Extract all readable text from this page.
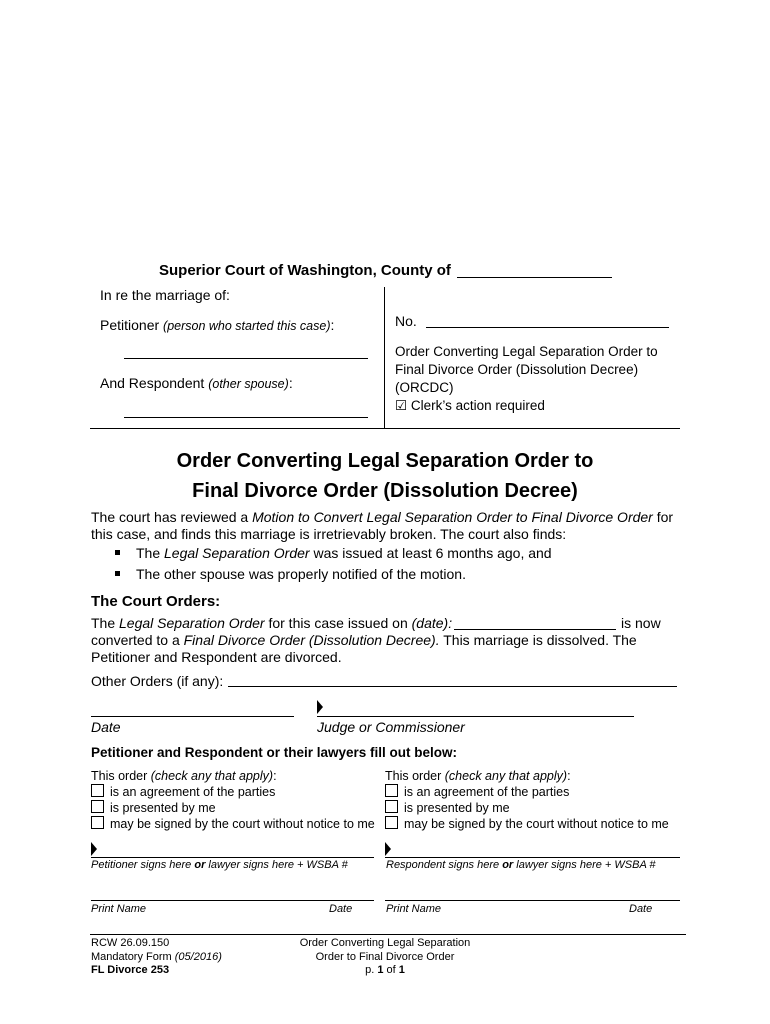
Superior Court of Washington, County of
In re the marriage of:
Petitioner (person who started this case):
And Respondent (other spouse):
No.
Order Converting Legal Separation Order to
Final Divorce Order (Dissolution Decree)
(ORCDC)
☑ Clerk’s action required
Order Converting Legal Separation Order to
Final Divorce Order (Dissolution Decree)
The court has reviewed a Motion to Convert Legal Separation Order to Final Divorce Order for
this case, and finds this marriage is irretrievably broken. The court also finds:
The Legal Separation Order was issued at least 6 months ago, and
The other spouse was properly notified of the motion.
The Court Orders:
The Legal Separation Order for this case issued on (date):
converted to a Final Divorce Order (Dissolution Decree). This marriage is dissolved. The
Petitioner and Respondent are divorced.
is now
Other Orders (if any):
Date	Judge or Commissioner
Petitioner and Respondent or their lawyers fill out below:
This order (check any that apply):
is an agreement of the parties
is presented by me
may be signed by the court without notice to me
This order (check any that apply):
is an agreement of the parties
is presented by me
may be signed by the court without notice to me
Petitioner signs here or lawyer signs here + WSBA #	Respondent signs here or lawyer signs here + WSBA #
Print Name	Date	Print Name	Date
RCW 26.09.150
Mandatory Form (05/2016)
FL Divorce 253
Order Converting Legal Separation
Order to Final Divorce Order
p. 1 of 1
